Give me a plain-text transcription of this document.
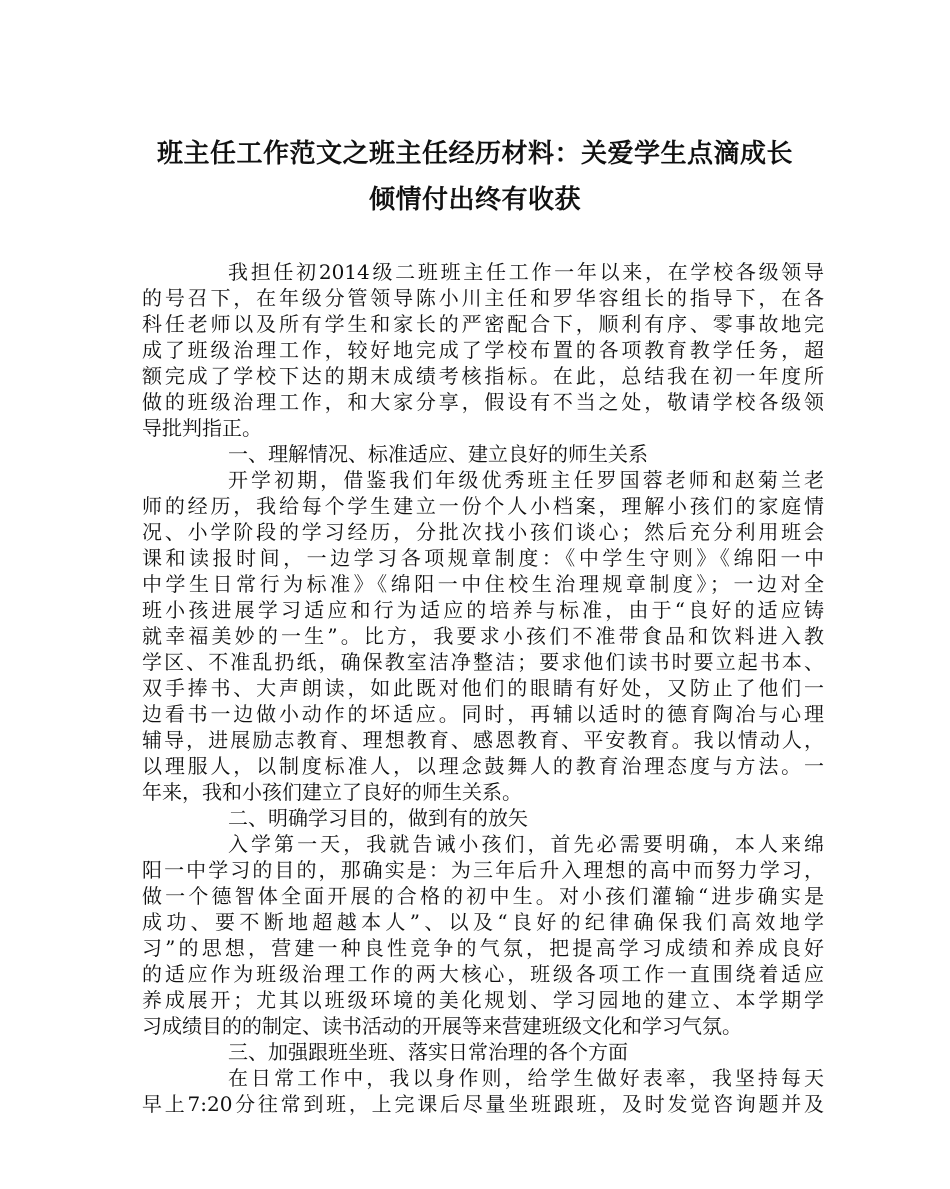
班主任工作范文之班主任经历材料：关爱学生点滴成长
倾情付出终有收获
我担任初2014级二班班主任工作一年以来，在学校各级领导
的号召下，在年级分管领导陈小川主任和罗华容组长的指导下，在各
科任老师以及所有学生和家长的严密配合下，顺利有序、零事故地完
成了班级治理工作，较好地完成了学校布置的各项教育教学任务，超
额完成了学校下达的期末成绩考核指标。在此，总结我在初一年度所
做的班级治理工作，和大家分享，假设有不当之处，敬请学校各级领
导批判指正。
一、理解情况、标准适应、建立良好的师生关系
开学初期，借鉴我们年级优秀班主任罗国蓉老师和赵菊兰老
师的经历，我给每个学生建立一份个人小档案，理解小孩们的家庭情
况、小学阶段的学习经历，分批次找小孩们谈心；然后充分利用班会
课和读报时间，一边学习各项规章制度：《中学生守则》《绵阳一中
中学生日常行为标准》《绵阳一中住校生治理规章制度》；一边对全
班小孩进展学习适应和行为适应的培养与标准，由于“良好的适应铸
就幸福美妙的一生”。比方，我要求小孩们不准带食品和饮料进入教
学区、不准乱扔纸，确保教室洁净整洁；要求他们读书时要立起书本、
双手捧书、大声朗读，如此既对他们的眼睛有好处，又防止了他们一
边看书一边做小动作的坏适应。同时，再辅以适时的德育陶冶与心理
辅导，进展励志教育、理想教育、感恩教育、平安教育。我以情动人，
以理服人，以制度标准人，以理念鼓舞人的教育治理态度与方法。一
年来，我和小孩们建立了良好的师生关系。
二、明确学习目的，做到有的放矢
入学第一天，我就告诫小孩们，首先必需要明确，本人来绵
阳一中学习的目的，那确实是：为三年后升入理想的高中而努力学习，
做一个德智体全面开展的合格的初中生。对小孩们灌输“进步确实是
成功、要不断地超越本人”、以及“良好的纪律确保我们高效地学
习”的思想，营建一种良性竞争的气氛，把提高学习成绩和养成良好
的适应作为班级治理工作的两大核心，班级各项工作一直围绕着适应
养成展开；尤其以班级环境的美化规划、学习园地的建立、本学期学
习成绩目的的制定、读书活动的开展等来营建班级文化和学习气氛。
三、加强跟班坐班、落实日常治理的各个方面
在日常工作中，我以身作则，给学生做好表率，我坚持每天
早上7:20分往常到班，上完课后尽量坐班跟班，及时发觉咨询题并及
